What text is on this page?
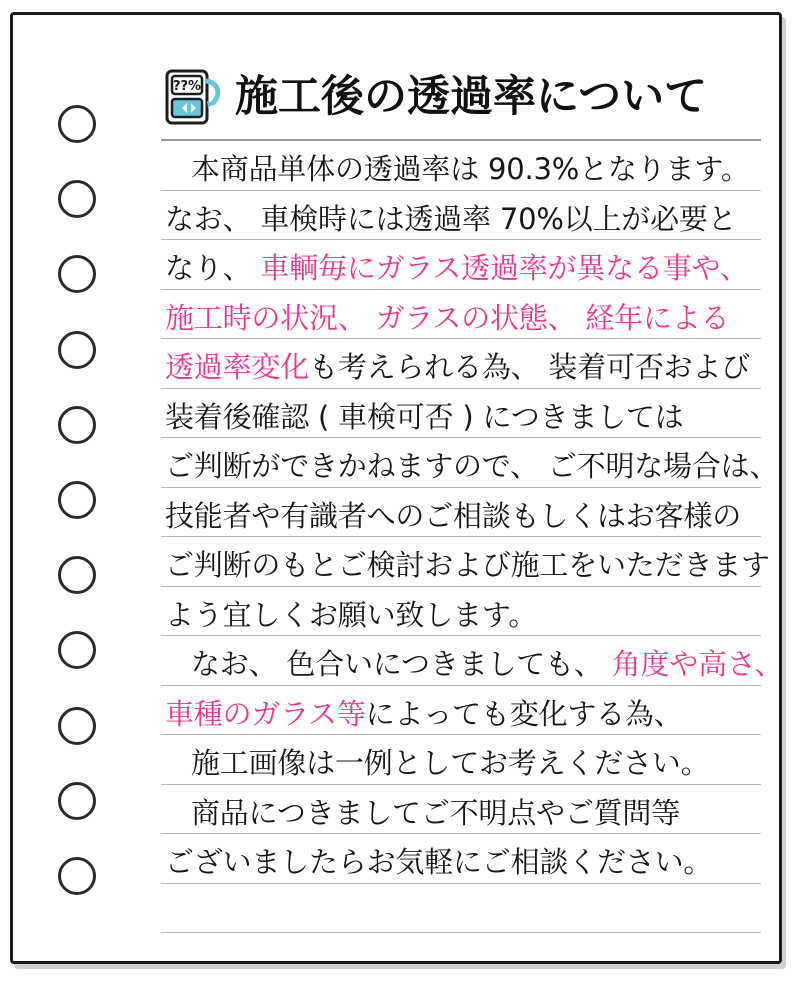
??% 施工後の透過率について
本商品単体の透過率は 90.3%となります。
なお、 車検時には透過率 70%以上が必要と
なり、 車輌毎にガラス透過率が異なる事や、
施工時の状況、 ガラスの状態、 経年による
透過率変化も考えられる為、 装着可否および
装着後確認 ( 車検可否 ) につきましては
ご判断ができかねますので、 ご不明な場合は、
技能者や有識者へのご相談もしくはお客様の
ご判断のもとご検討および施工をいただきます
よう宜しくお願い致します。
なお、 色合いにつきましても、 角度や高さ、
車種のガラス等によっても変化する為、
施工画像は一例としてお考えください。
商品につきましてご不明点やご質問等
ございましたらお気軽にご相談ください。
